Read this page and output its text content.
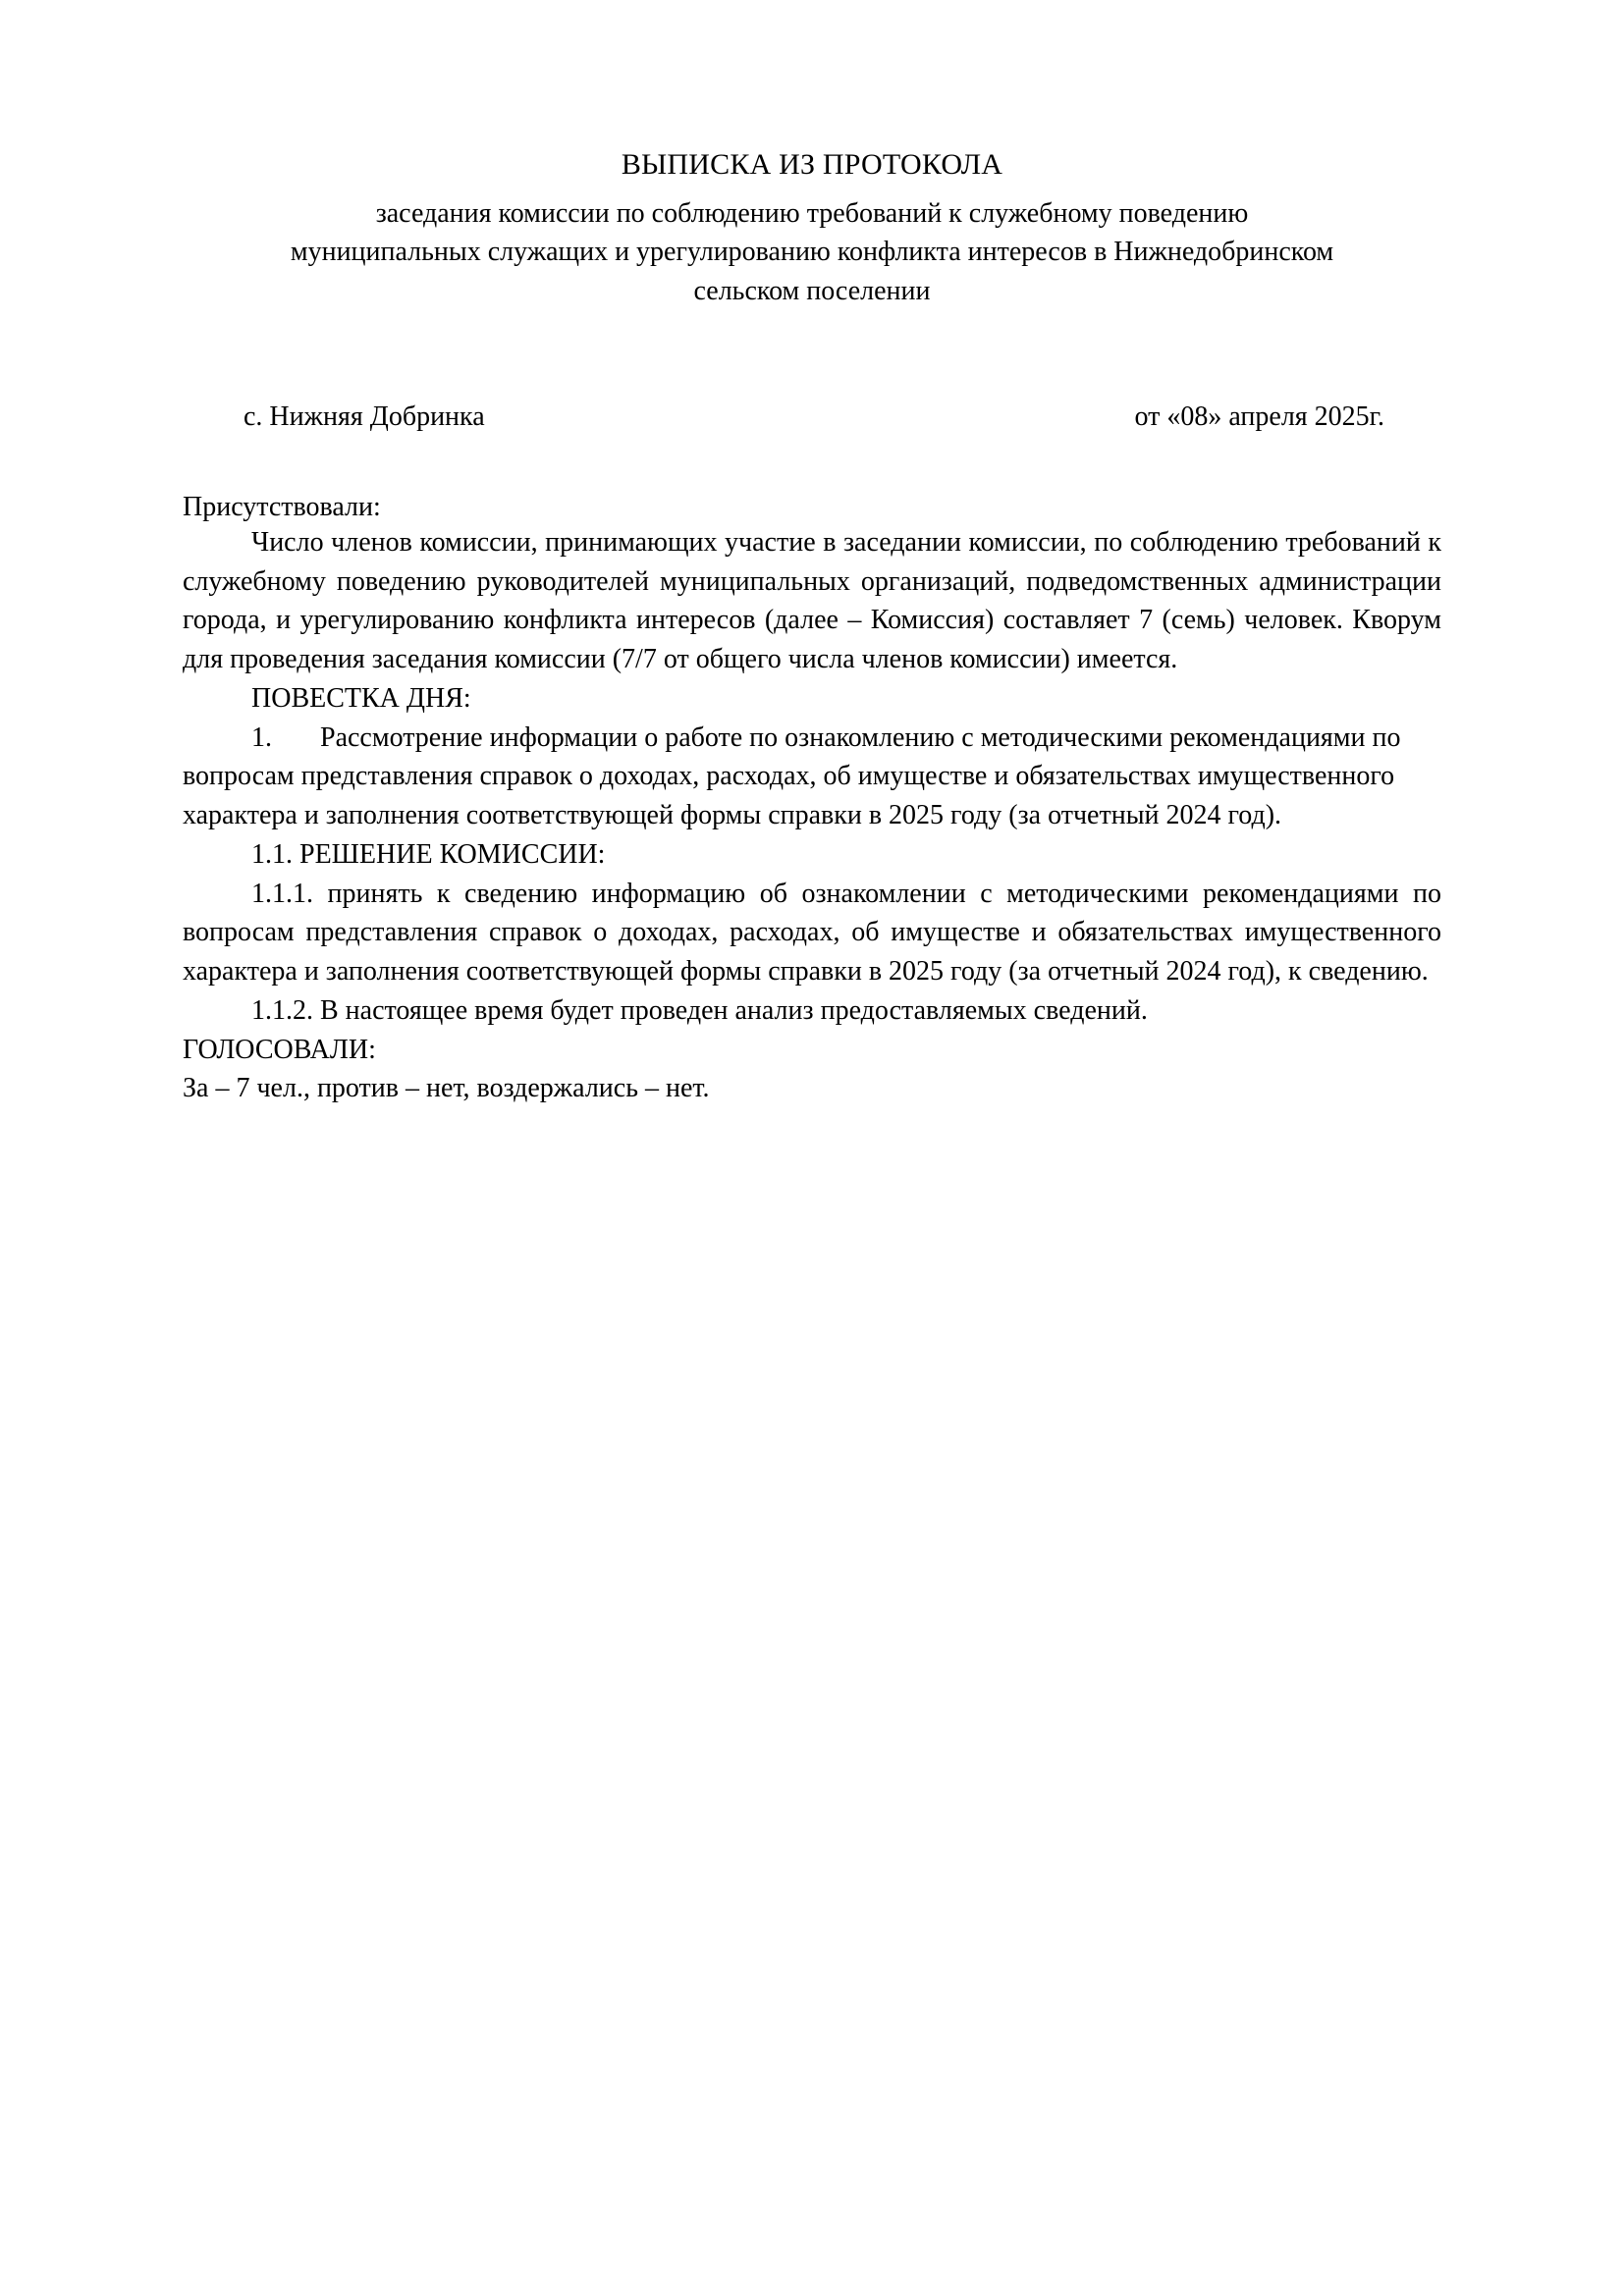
ВЫПИСКА ИЗ ПРОТОКОЛА
заседания комиссии по соблюдению требований к служебному поведению
муниципальных служащих и урегулированию конфликта интересов в Нижнедобринском
сельском поселении
с. Нижняя Добринка	от «08» апреля 2025г.
Присутствовали:

Число членов комиссии, принимающих участие в заседании комиссии, по соблюдению требований к служебному поведению руководителей муниципальных организаций, подведомственных администрации города, и урегулированию конфликта интересов (далее – Комиссия) составляет 7 (семь) человек. Кворум для проведения заседания комиссии (7/7 от общего числа членов комиссии) имеется.

ПОВЕСТКА ДНЯ:

1. Рассмотрение информации о работе по ознакомлению с методическими рекомендациями по вопросам представления справок о доходах, расходах, об имуществе и обязательствах имущественного характера и заполнения соответствующей формы справки в 2025 году (за отчетный 2024 год).

1.1. РЕШЕНИЕ КОМИССИИ:

1.1.1. принять к сведению информацию об ознакомлении с методическими рекомендациями по вопросам представления справок о доходах, расходах, об имуществе и обязательствах имущественного характера и заполнения соответствующей формы справки в 2025 году (за отчетный 2024 год), к сведению.

1.1.2. В настоящее время будет проведен анализ предоставляемых сведений.

ГОЛОСОВАЛИ:

За – 7 чел., против – нет, воздержались – нет.
